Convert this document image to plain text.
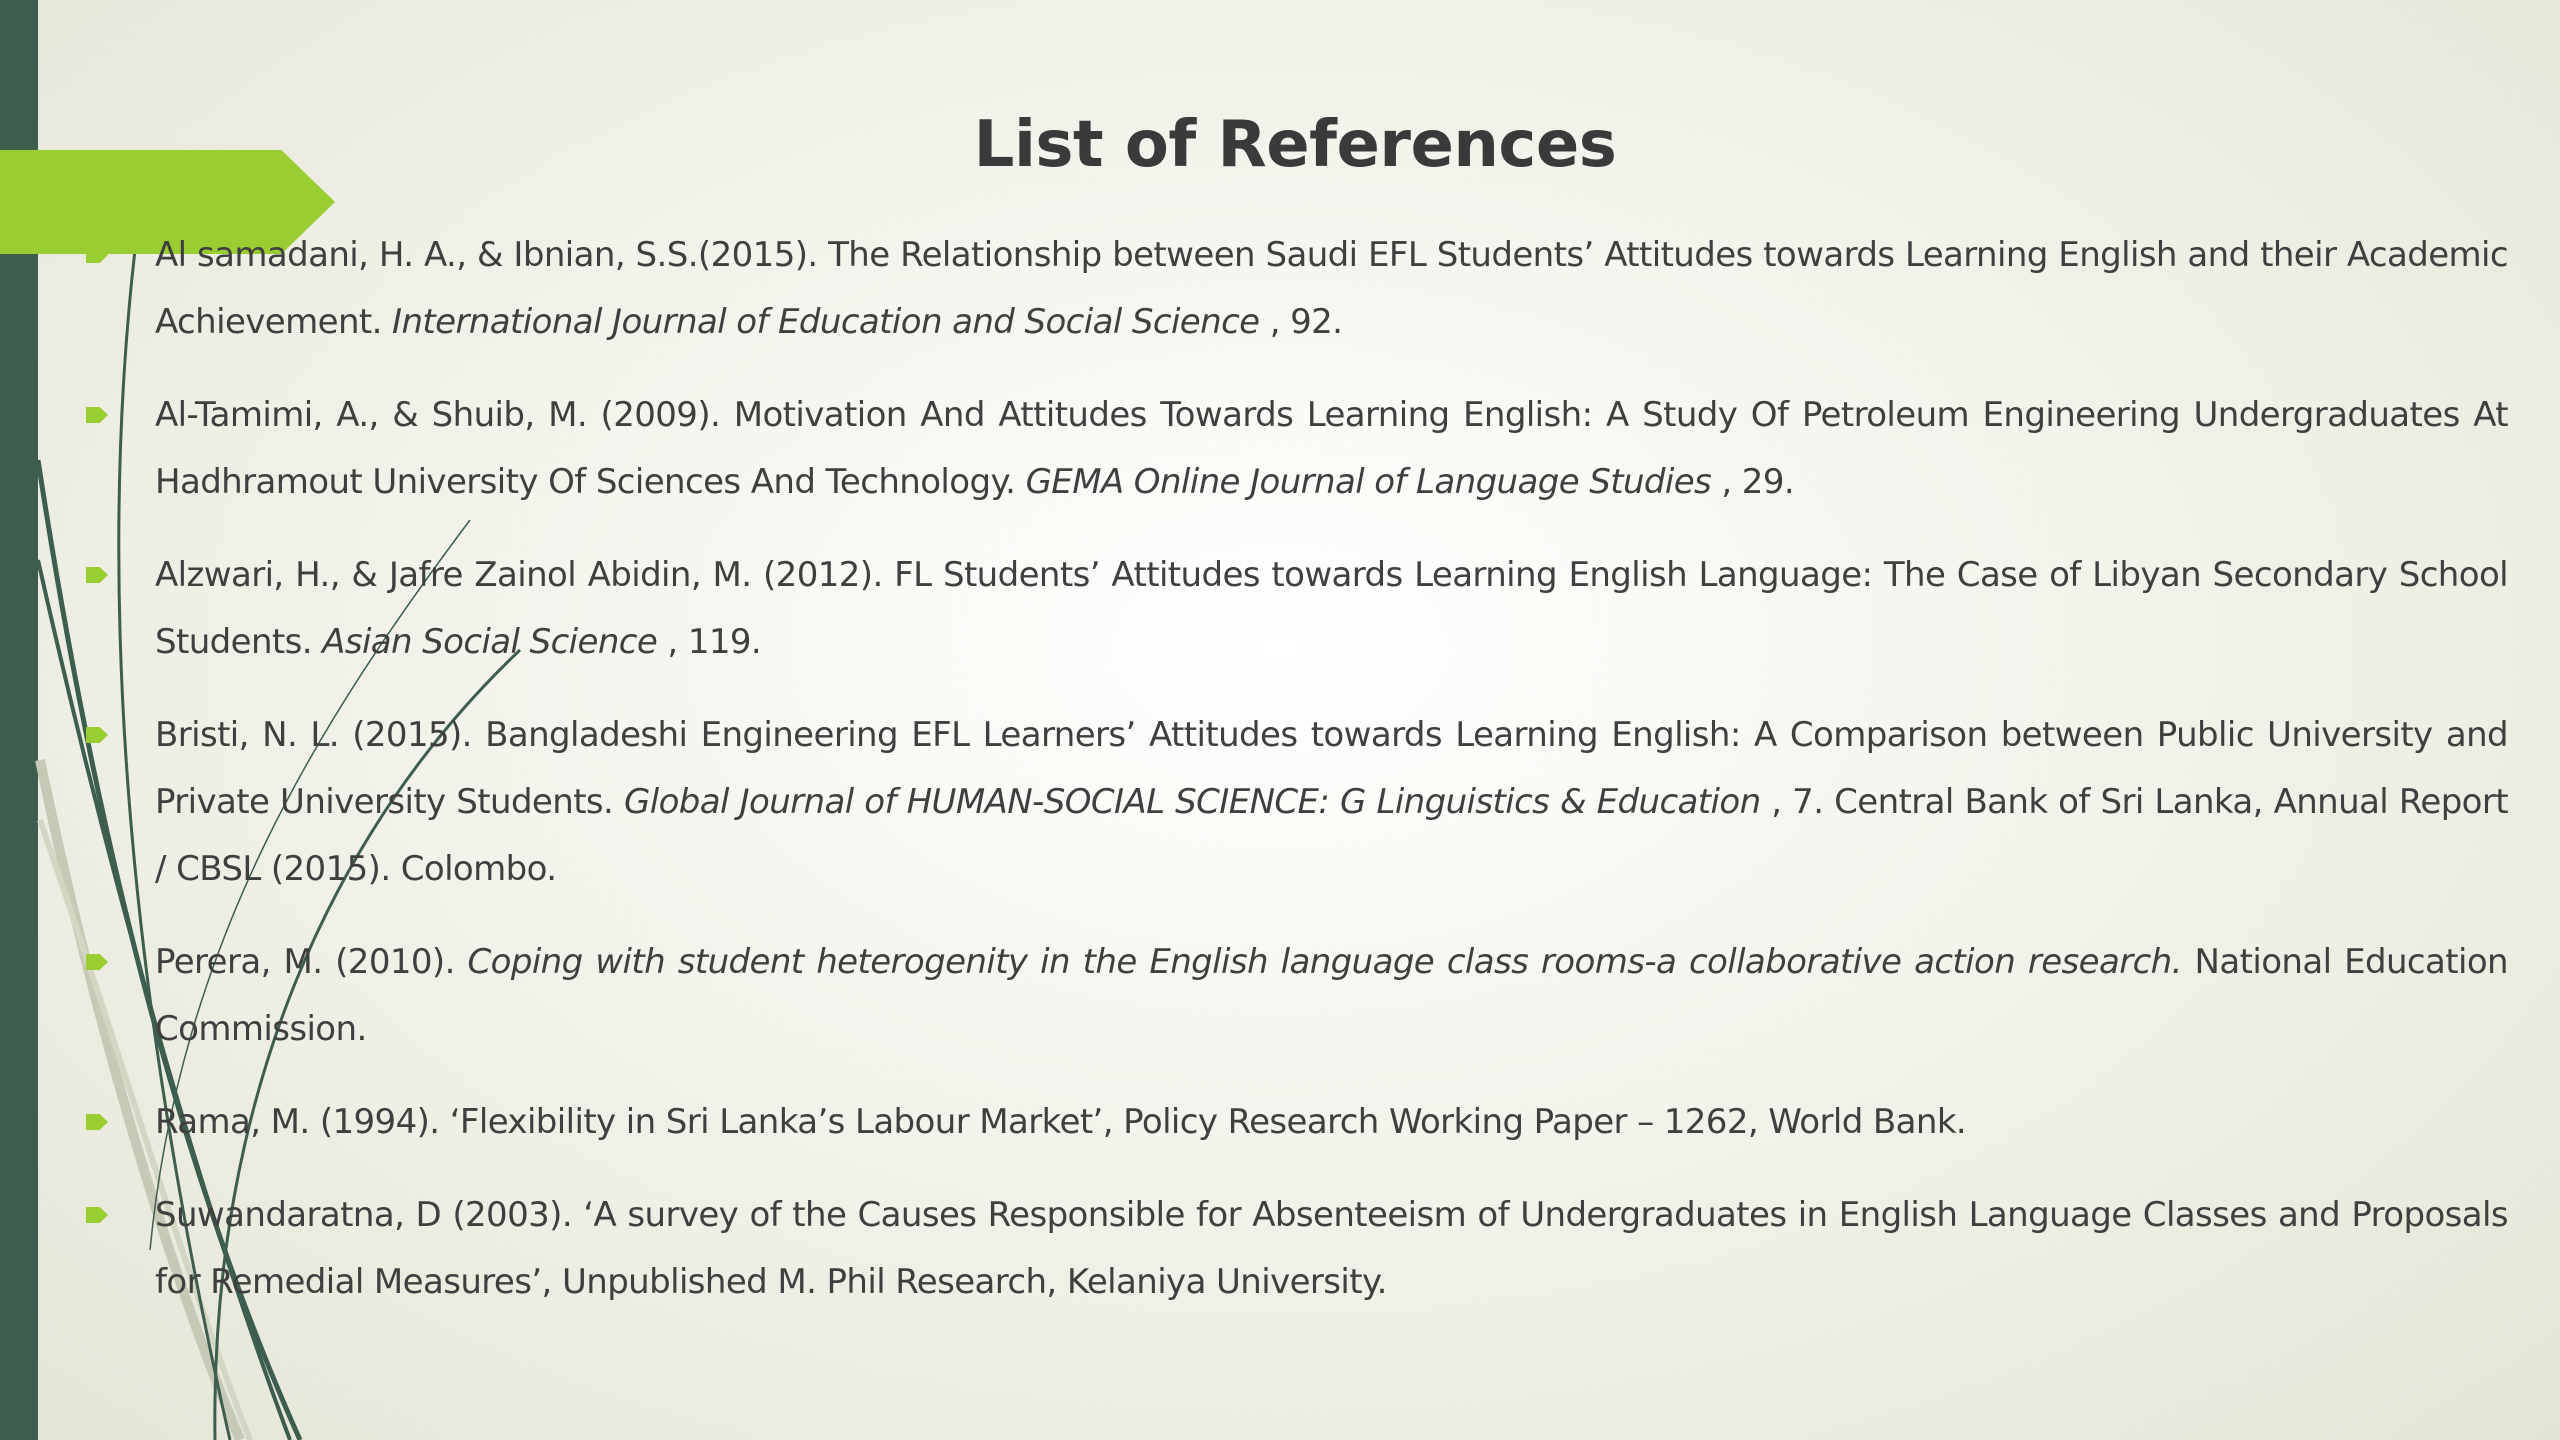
List of References
Al samadani, H. A., & Ibnian, S.S.(2015). The Relationship between Saudi EFL Students’ Attitudes towards Learning English and their Academic Achievement. International Journal of Education and Social Science , 92.
Al-Tamimi, A., & Shuib, M. (2009). Motivation And Attitudes Towards Learning English: A Study Of Petroleum Engineering Undergraduates At Hadhramout University Of Sciences And Technology. GEMA Online Journal of Language Studies , 29.
Alzwari, H., & Jafre Zainol Abidin, M. (2012). FL Students’ Attitudes towards Learning English Language: The Case of Libyan Secondary School Students. Asian Social Science , 119.
Bristi, N. L. (2015). Bangladeshi Engineering EFL Learners’ Attitudes towards Learning English: A Comparison between Public University and Private University Students. Global Journal of HUMAN-SOCIAL SCIENCE: G Linguistics & Education , 7. Central Bank of Sri Lanka, Annual Report / CBSL (2015). Colombo.
Perera, M. (2010). Coping with student heterogenity in the English language class rooms-a collaborative action research. National Education Commission.
Rama, M. (1994). ‘Flexibility in Sri Lanka’s Labour Market’, Policy Research Working Paper – 1262, World Bank.
Suwandaratna, D (2003). ‘A survey of the Causes Responsible for Absenteeism of Undergraduates in English Language Classes and Proposals for Remedial Measures’, Unpublished M. Phil Research, Kelaniya University.
